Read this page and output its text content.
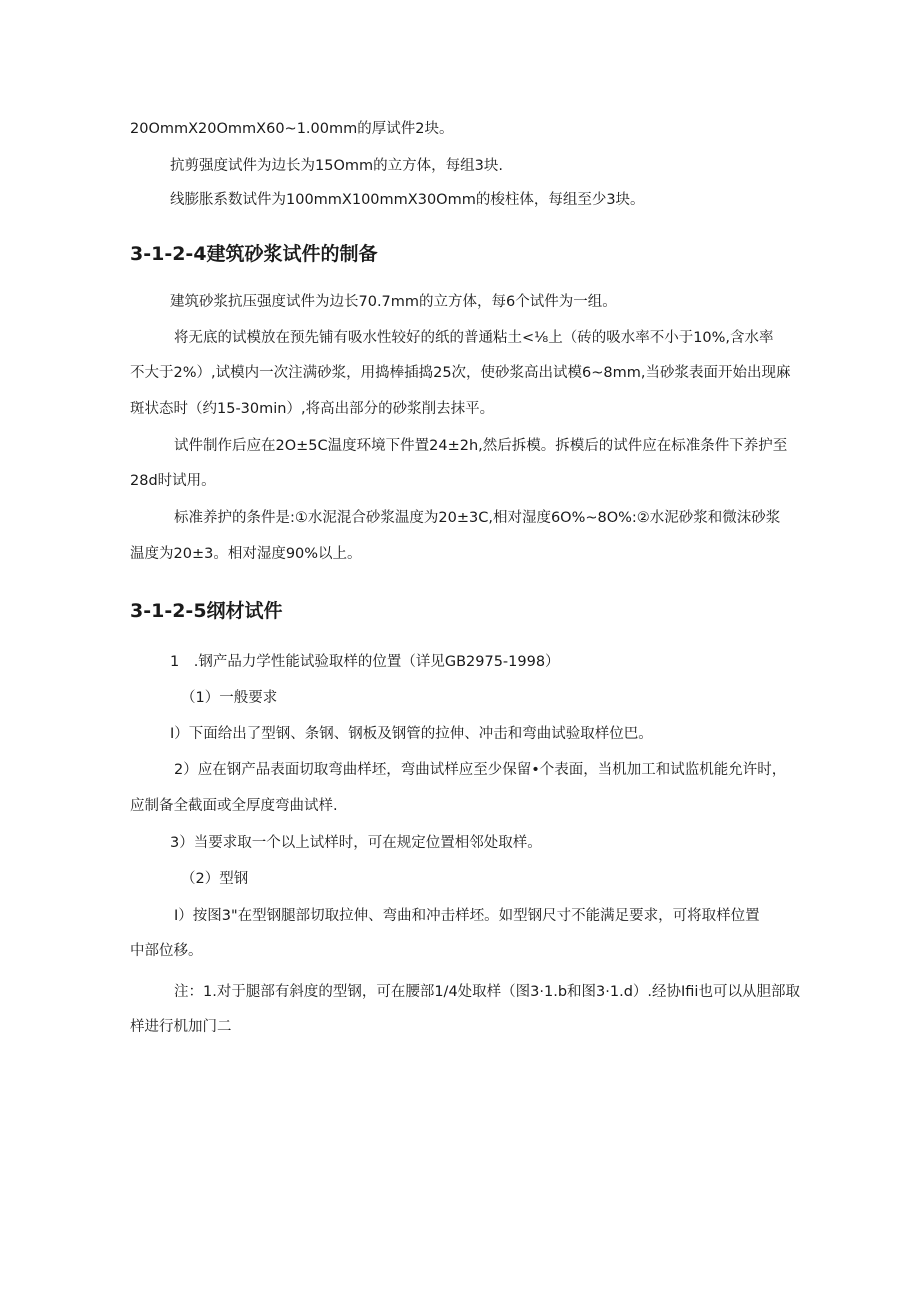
20OmmX20OmmX60~1.00mm的厚试件2块。
抗剪强度试件为边长为15Omm的立方体，每组3块.
线膨胀系数试件为100mmX100mmX30Omm的梭柱体，每组至少3块。
3-1-2-4建筑砂浆试件的制备
建筑砂浆抗压强度试件为边长70.7mm的立方体，每6个试件为一组。
将无底的试模放在预先铺有吸水性较好的纸的普通粘土<⅛上（砖的吸水率不小于10%,含水率
不大于2%）,试模内一次注满砂浆，用捣棒插捣25次，使砂浆高出试模6~8mm,当砂浆表面开始出现麻
斑状态时（约15-30min）,将高出部分的砂浆削去抹平。
试件制作后应在2O±5C温度环境下件置24±2h,然后拆模。拆模后的试件应在标准条件下养护至
28d时试用。
标准养护的条件是:①水泥混合砂浆温度为20±3C,相对湿度6O%~8O%:②水泥砂浆和微沫砂浆
温度为20±3。相对湿度90%以上。
3-1-2-5纲材试件
1　.钢产品力学性能试验取样的位置（详见GB2975-1998）
（1）一般要求
I）下面给出了型钢、条钢、钢板及钢管的拉伸、冲击和弯曲试验取样位巴。
2）应在钢产品表面切取弯曲样坯，弯曲试样应至少保留•个表面，当机加工和试监机能允许时，
应制备全截面或全厚度弯曲试样.
3）当要求取一个以上试样时，可在规定位置相邻处取样。
（2）型钢
I）按图3"在型钢腿部切取拉伸、弯曲和冲击样坯。如型钢尺寸不能满足要求，可将取样位置
中部位移。
注：1.对于腿部有斜度的型钢，可在腰部1/4处取样（图3·1.b和图3·1.d）.经协Ifii也可以从胆部取
样进行机加门二
